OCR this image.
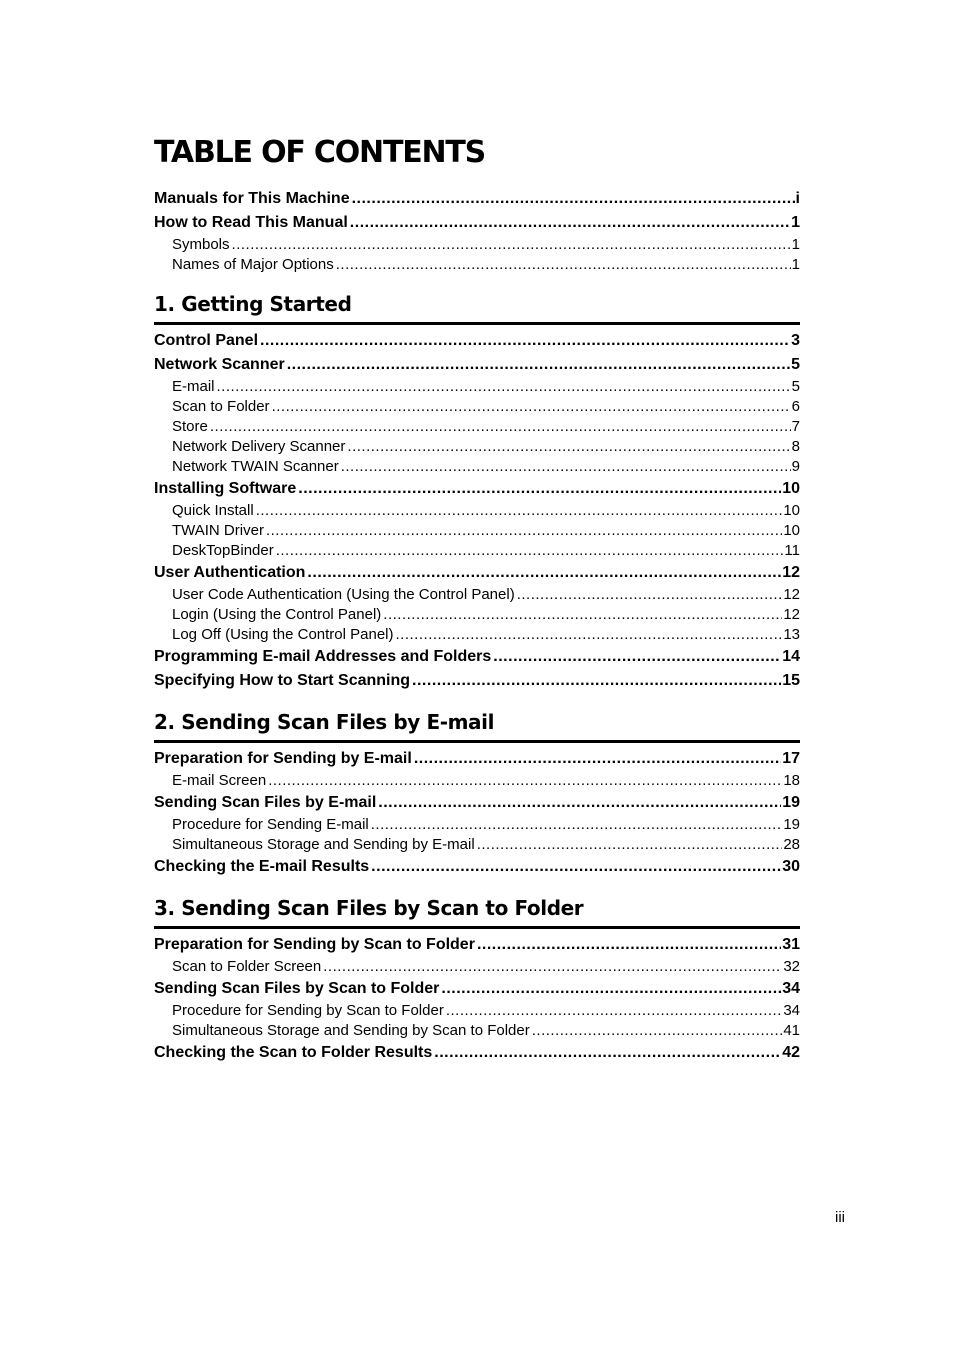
TABLE OF CONTENTS
Manuals for This Machine .....	i
How to Read This Manual .....	1
Symbols .....	1
Names of Major Options .....	1
1. Getting Started
Control Panel .....	3
Network Scanner .....	5
E-mail .....	5
Scan to Folder .....	6
Store .....	7
Network Delivery Scanner .....	8
Network TWAIN Scanner .....	9
Installing Software .....	10
Quick Install .....	10
TWAIN Driver .....	10
DeskTopBinder .....	11
User Authentication .....	12
User Code Authentication (Using the Control Panel) .....	12
Login (Using the Control Panel) .....	12
Log Off (Using the Control Panel) .....	13
Programming E-mail Addresses and Folders .....	14
Specifying How to Start Scanning .....	15
2. Sending Scan Files by E-mail
Preparation for Sending by E-mail .....	17
E-mail Screen .....	18
Sending Scan Files by E-mail .....	19
Procedure for Sending E-mail .....	19
Simultaneous Storage and Sending by E-mail .....	28
Checking the E-mail Results .....	30
3. Sending Scan Files by Scan to Folder
Preparation for Sending by Scan to Folder .....	31
Scan to Folder Screen .....	32
Sending Scan Files by Scan to Folder .....	34
Procedure for Sending by Scan to Folder .....	34
Simultaneous Storage and Sending by Scan to Folder .....	41
Checking the Scan to Folder Results .....	42
iii
